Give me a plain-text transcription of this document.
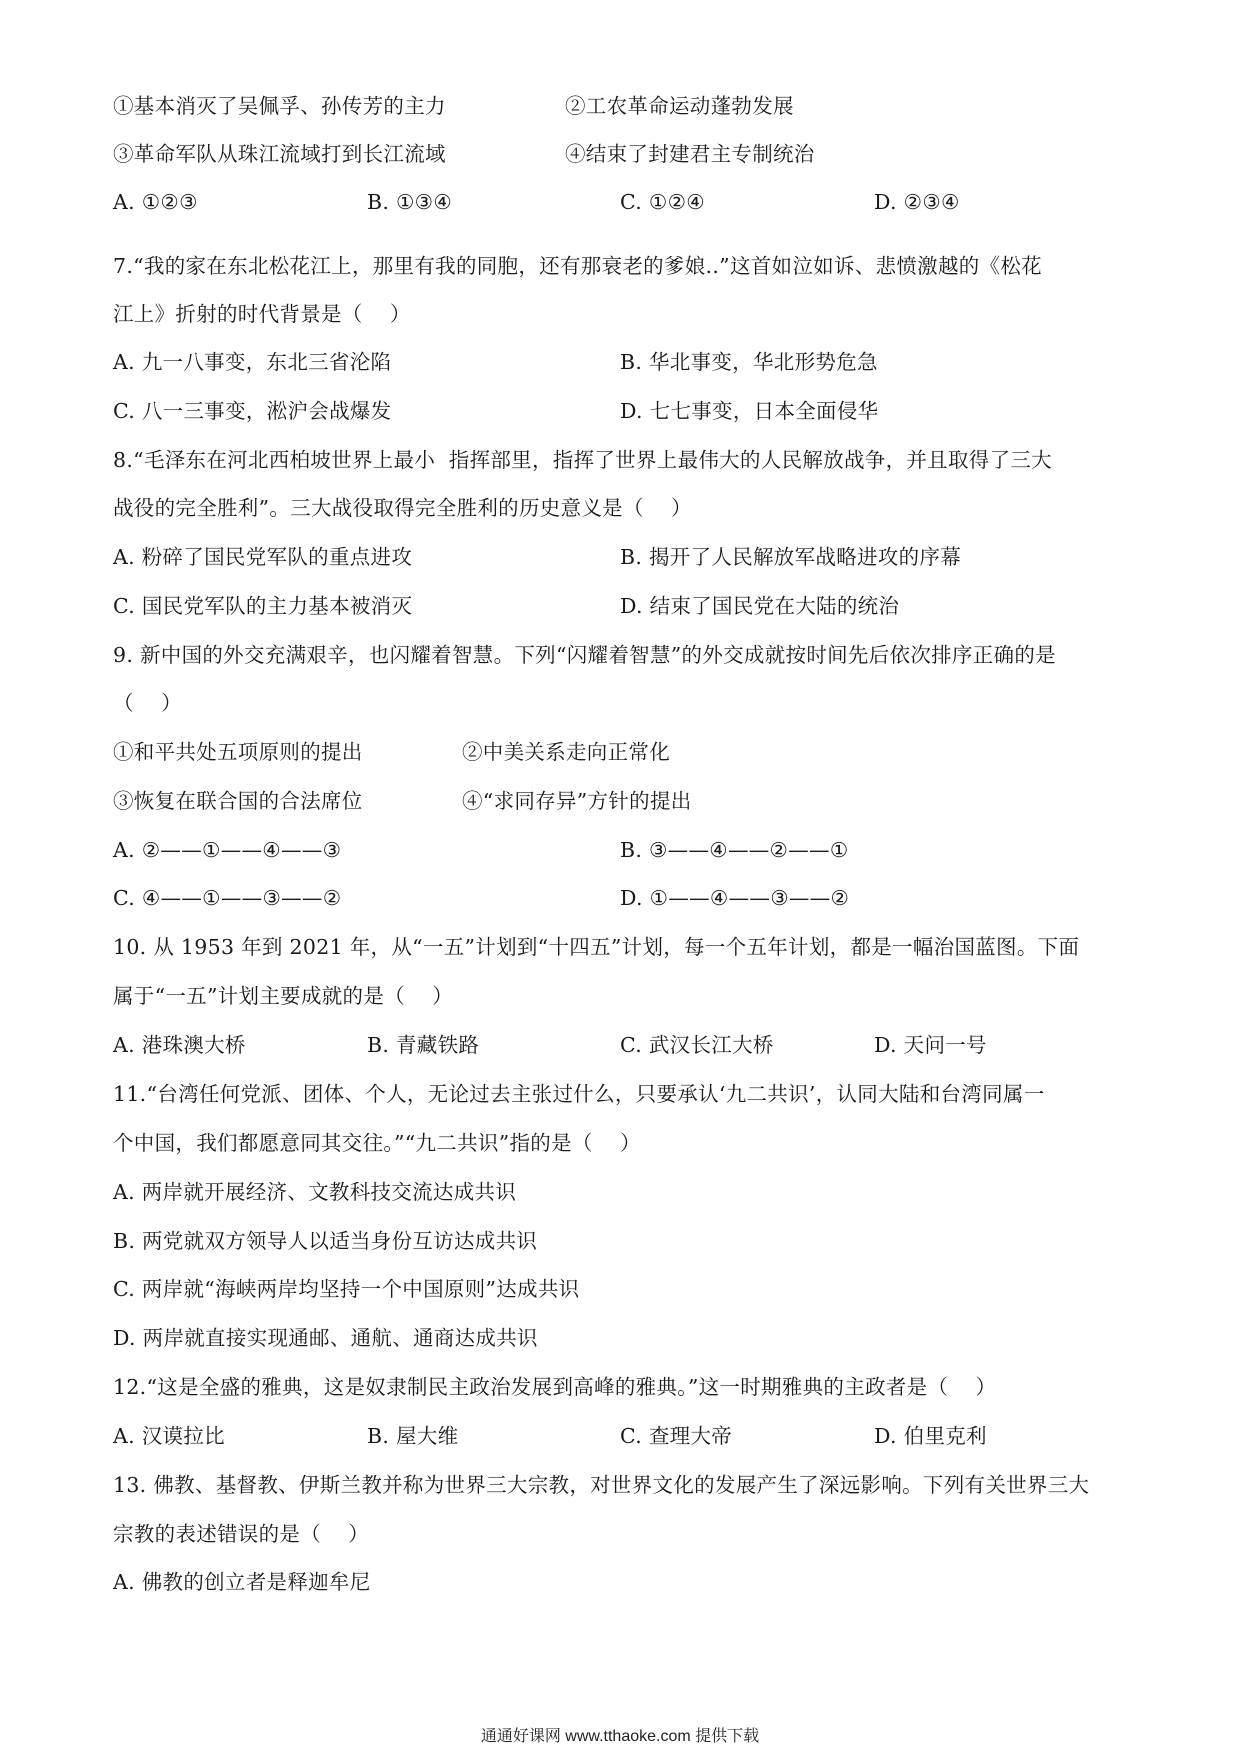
①基本消灭了吴佩孚、孙传芳的主力	②工农革命运动蓬勃发展
③革命军队从珠江流域打到长江流域	④结束了封建君主专制统治
A. ①②③	B. ①③④	C. ①②④	D. ②③④
7.“我的家在东北松花江上，那里有我的同胞，还有那衰老的爹娘..”这首如泣如诉、悲愤激越的《松花
江上》折射的时代背景是（    ）
A. 九一八事变，东北三省沦陷	B. 华北事变，华北形势危急
C. 八一三事变，淞沪会战爆发	D. 七七事变，日本全面侵华
8.“毛泽东在河北西柏坡世界上最小  指挥部里，指挥了世界上最伟大的人民解放战争，并且取得了三大
战役的完全胜利”。三大战役取得完全胜利的历史意义是（    ）
A. 粉碎了国民党军队的重点进攻	B. 揭开了人民解放军战略进攻的序幕
C. 国民党军队的主力基本被消灭	D. 结束了国民党在大陆的统治
9. 新中国的外交充满艰辛，也闪耀着智慧。下列“闪耀着智慧”的外交成就按时间先后依次排序正确的是
（    ）
①和平共处五项原则的提出	②中美关系走向正常化
③恢复在联合国的合法席位	④“求同存异”方针的提出
A. ②——①——④——③	B. ③——④——②——①
C. ④——①——③——②	D. ①——④——③——②
10. 从 1953 年到 2021 年，从“一五”计划到“十四五”计划，每一个五年计划，都是一幅治国蓝图。下面
属于“一五”计划主要成就的是（    ）
A. 港珠澳大桥	B. 青藏铁路	C. 武汉长江大桥	D. 天问一号
11.“台湾任何党派、团体、个人，无论过去主张过什么，只要承认‘九二共识’，认同大陆和台湾同属一
个中国，我们都愿意同其交往。”“九二共识”指的是（    ）
A. 两岸就开展经济、文教科技交流达成共识
B. 两党就双方领导人以适当身份互访达成共识
C. 两岸就“海峡两岸均坚持一个中国原则”达成共识
D. 两岸就直接实现通邮、通航、通商达成共识
12.“这是全盛的雅典，这是奴隶制民主政治发展到高峰的雅典。”这一时期雅典的主政者是（    ）
A. 汉谟拉比	B. 屋大维	C. 查理大帝	D. 伯里克利
13. 佛教、基督教、伊斯兰教并称为世界三大宗教，对世界文化的发展产生了深远影响。下列有关世界三大
宗教的表述错误的是（    ）
A. 佛教的创立者是释迦牟尼
通通好课网 www.tthaoke.com 提供下载
